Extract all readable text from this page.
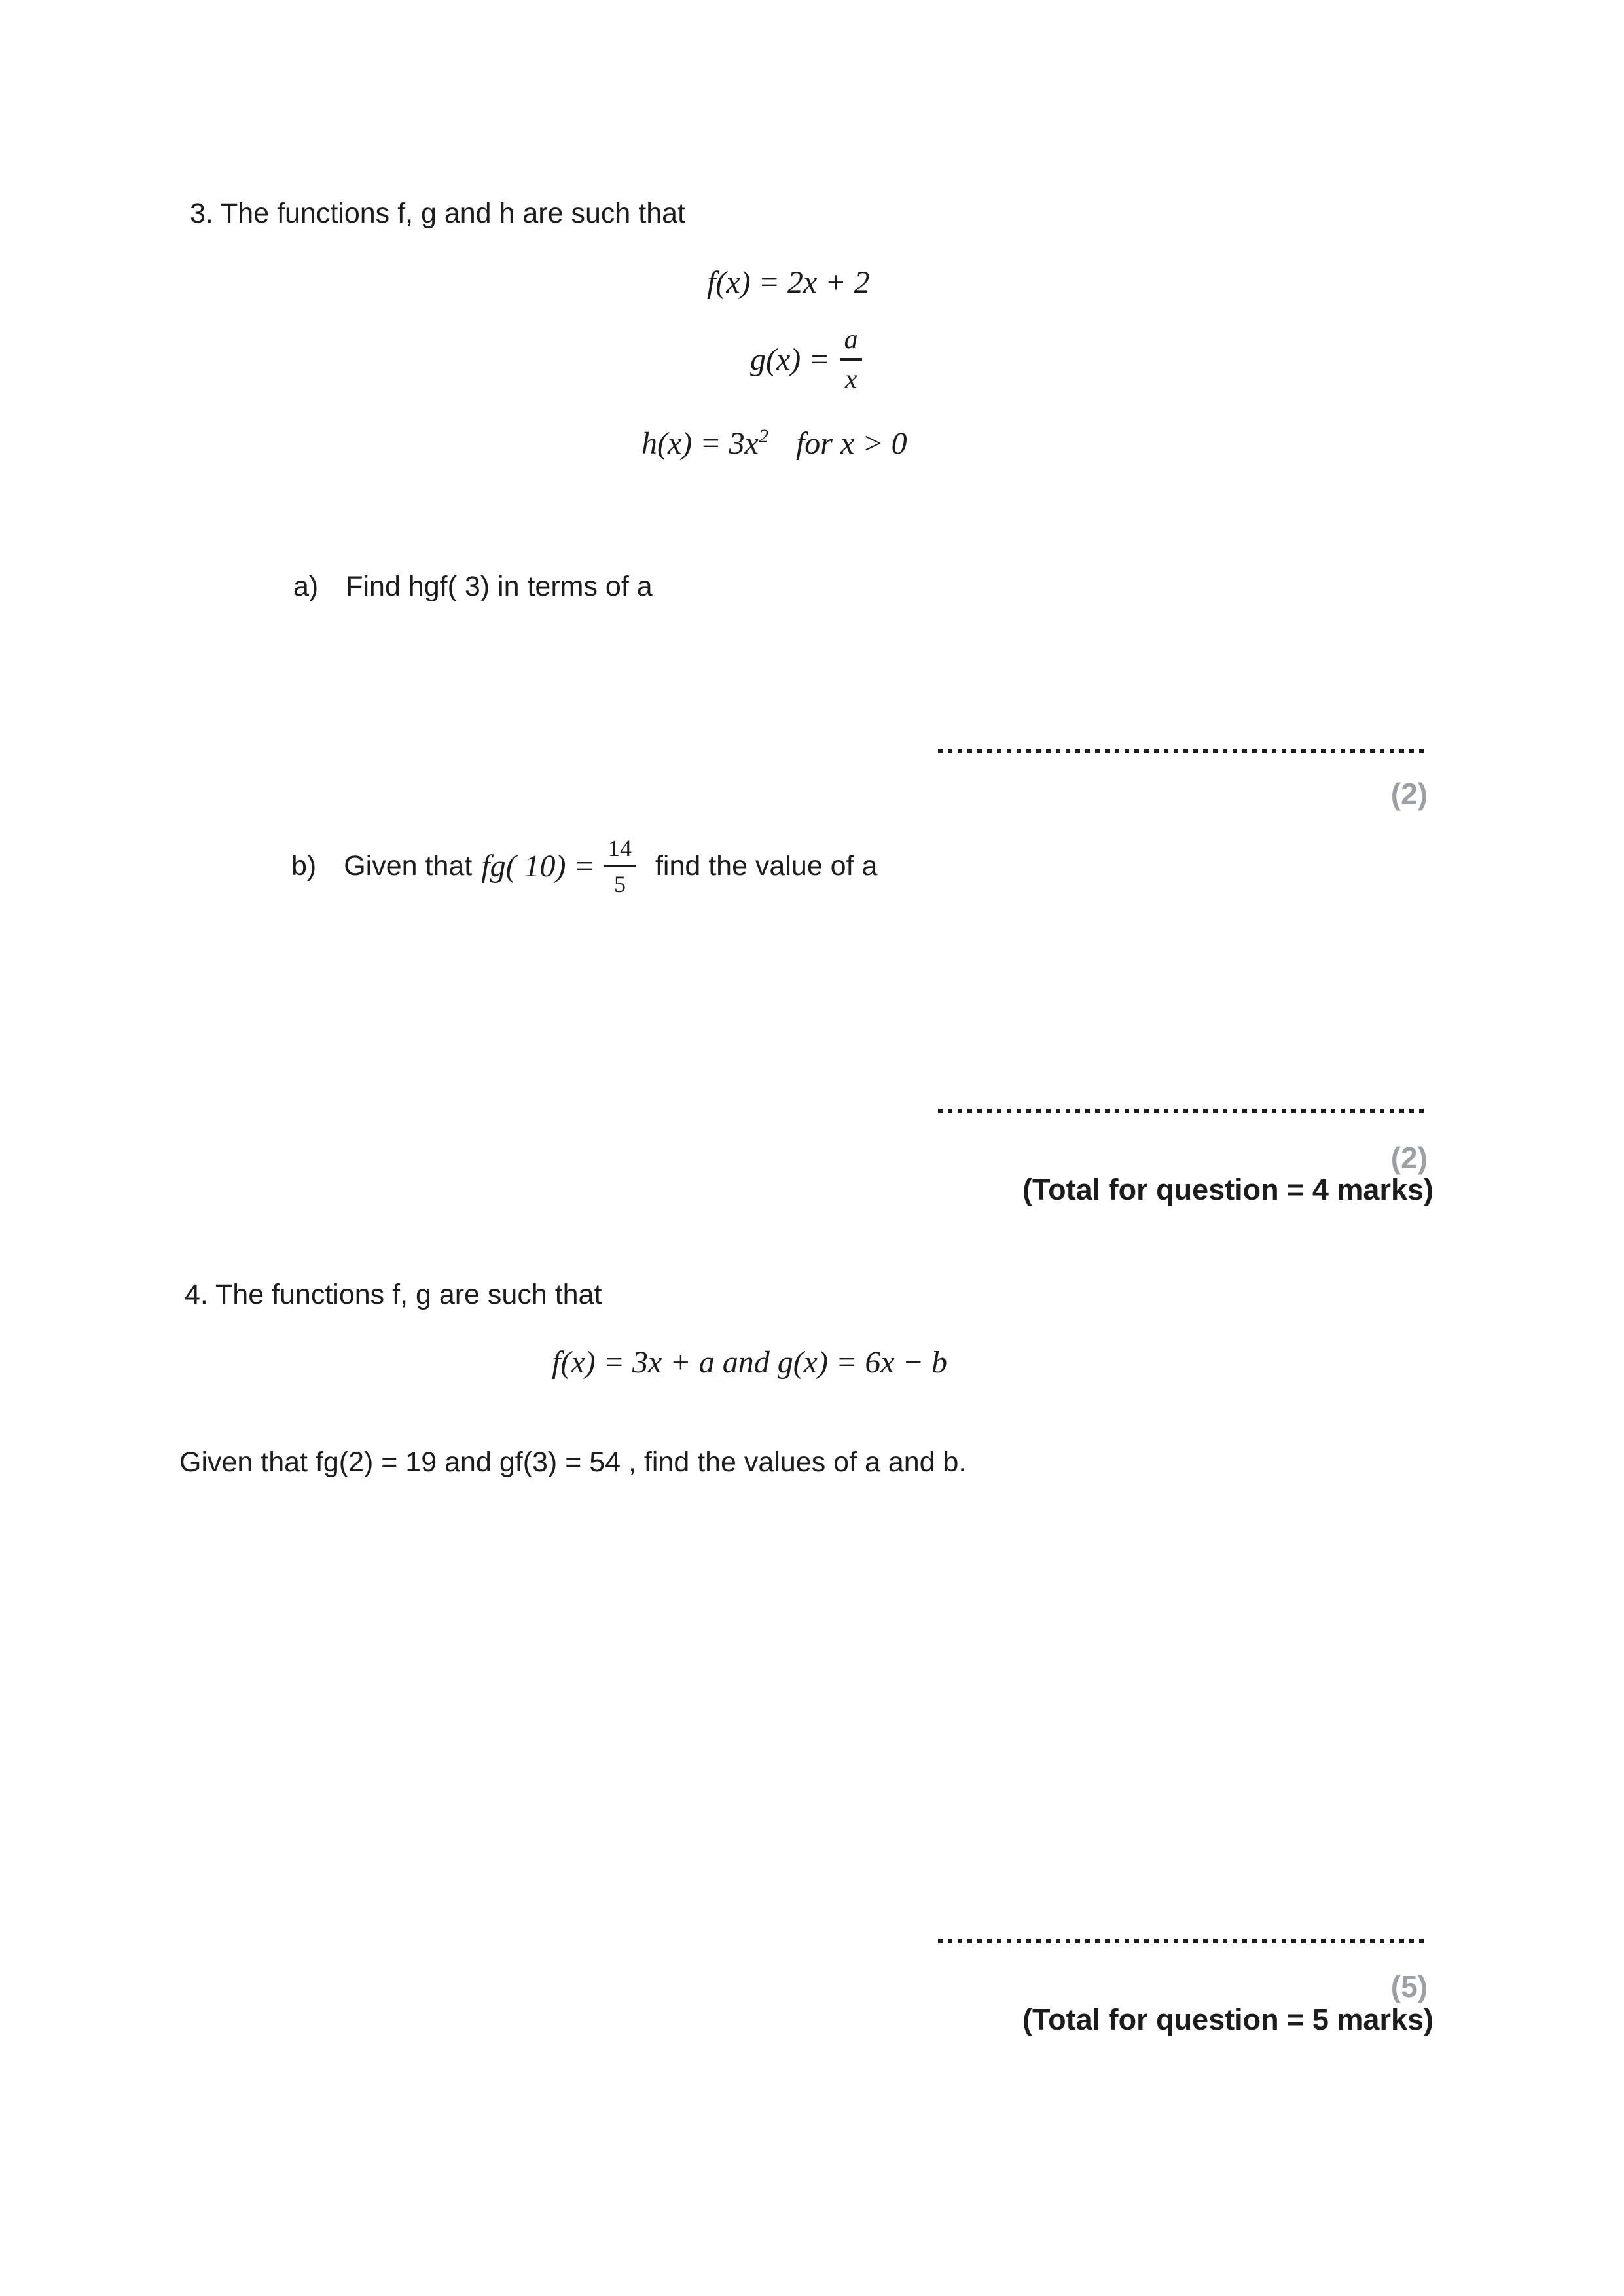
3. The functions f, g and h are such that
f(x) = 2x + 2
$g(x) = \frac{a}{x}$
$h(x) = 3x^2$ for x > 0
a) Find hgf( 3) in terms of a
(2)
b) Given that fg( $10) = \frac{14}{5}$ find the value of a
(2)
(Total for question = 4 marks)
4. The functions f, g are such that
f(x) = 3x + a and g(x) = 6x − b
Given that fg(2) = 19 and gf(3) = 54 , find the values of a and b.
(5)
(Total for question = 5 marks)
